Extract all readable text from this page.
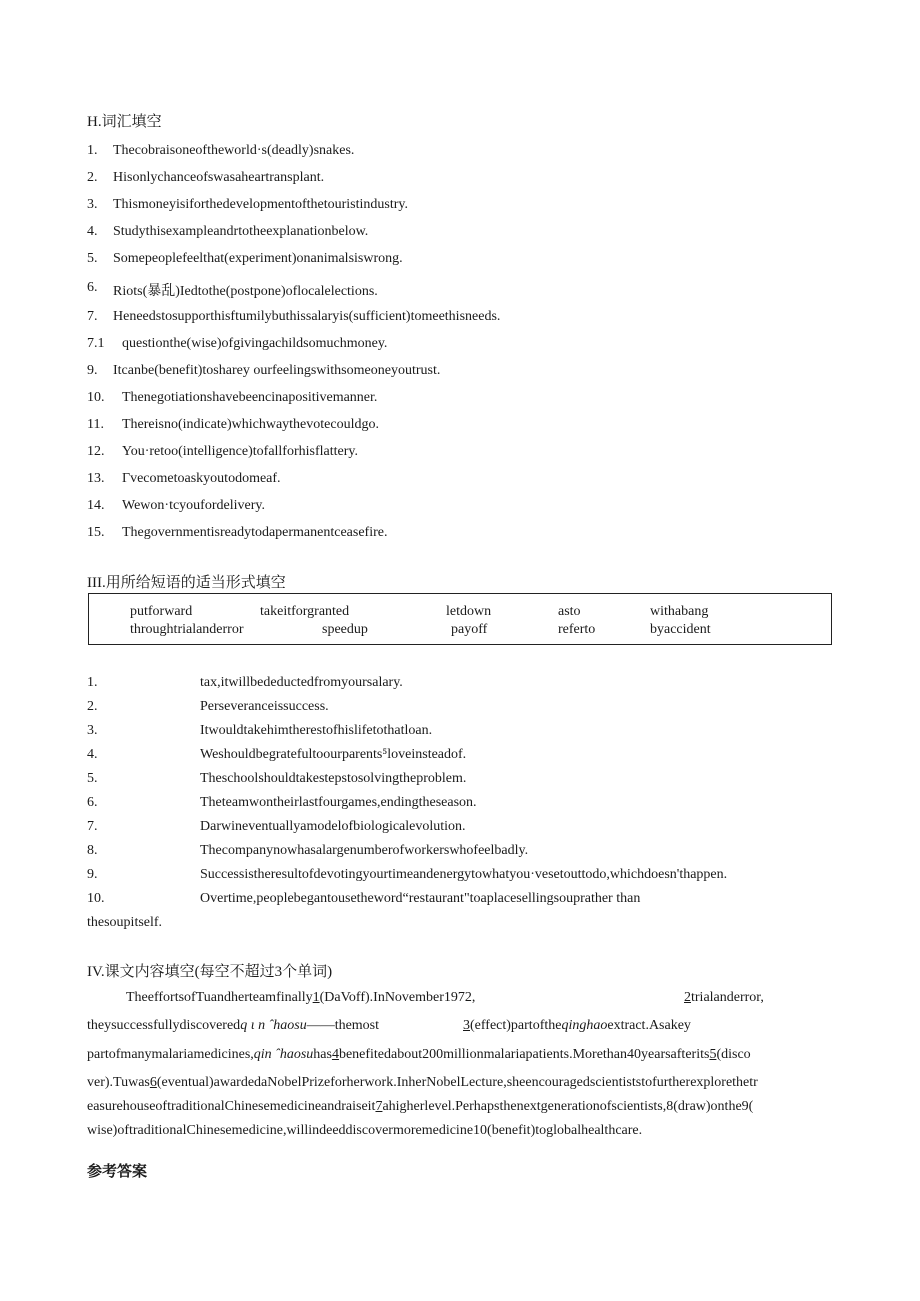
H.词汇填空
1. Thecobraisoneoftheworld·s(deadly)snakes.
2. Hisonlychanceofswasaheartransplant.
3. Thismoneyisiforthedevelopmentofthetouristindustry.
4. Studythisexampleandrtotheexplanationbelow.
5. Somepeoplefeelthat(experiment)onanimalsiswrong.
6. Riots(暴乱)Iedtothe(postpone)oflocalelections.
7. Heneedstosupporthisftumilybuthissalaryis(sufficient)tomeethisneeds.
7.1 questionthe(wise)ofgivingachildsomuchmoney.
9. Itcanbe(benefit)tosharey ourfeelingswithsomeoneyoutrust.
10. Thenegotiationshavebeencinapositivemanner.
11. Thereisno(indicate)whichwaythevotecouldgo.
12. You·retoo(intelligence)tofallforhisflattery.
13. Γvecometoaskyoutodomeaf.
14. Wewon·tcyoufordelivery.
15. Thegovernmentisreadytodapermanentceasefire.
III.用所给短语的适当形式填空
putforward	takeitforgranted	letdown	asto	withabang
throughtrialanderror	speedup	payoff	referto	byaccident
1.	tax,itwillbedeductedfromyoursalary.
2.	Perseveranceissuccess.
3.	Itwouldtakehimtherestofhislifetothatloan.
4.	Weshouldbegratefultoourparents⁵loveinsteadof.
5.	Theschoolshouldtakestepstosolvingtheproblem.
6.	Theteamwontheirlastfourgames,endingtheseason.
7.	Darwineventuallyamodelofbiologicalevolution.
8.	Thecompanynowhasalargenumberofworkerswhofeelbadly.
9.	Successistheresultofdevotingyourtimeandenergytowhatyou·vesetouttodo,whichdoesn'thappen.
10.	Overtime,peoplebegantousetheword“restaurant"toaplacesellingsouprather than
thesoupitself.
IV.课文内容填空(每空不超过3个单词)
TheeffortsofTuandherteamfinally1(DaVoff).InNovember1972,	2trialanderror,
theysuccessfullydiscoveredq ι n ˆhaosu——themost	3(effect)partoftheqinghaoextract.Asakey
partofmanymalariamedicines,qin ˆhaosuhas4benefitedabout200millionmalariapatients.Morethan40yearsafterits5(disco
ver).Tuwas6(eventual)awardedaNobelPrizeforherwork.InherNobelLecture,sheencouragedscientiststofurtherexplorethetr
easurehouseoftraditionalChinesemedicineandraiseit7ahigherlevel.Perhapsthenextgenerationofscientists,8(draw)onthe9(
wise)oftraditionalChinesemedicine,willindeeddiscovermoremedicine10(benefit)toglobalhealthcare.
参考答案
